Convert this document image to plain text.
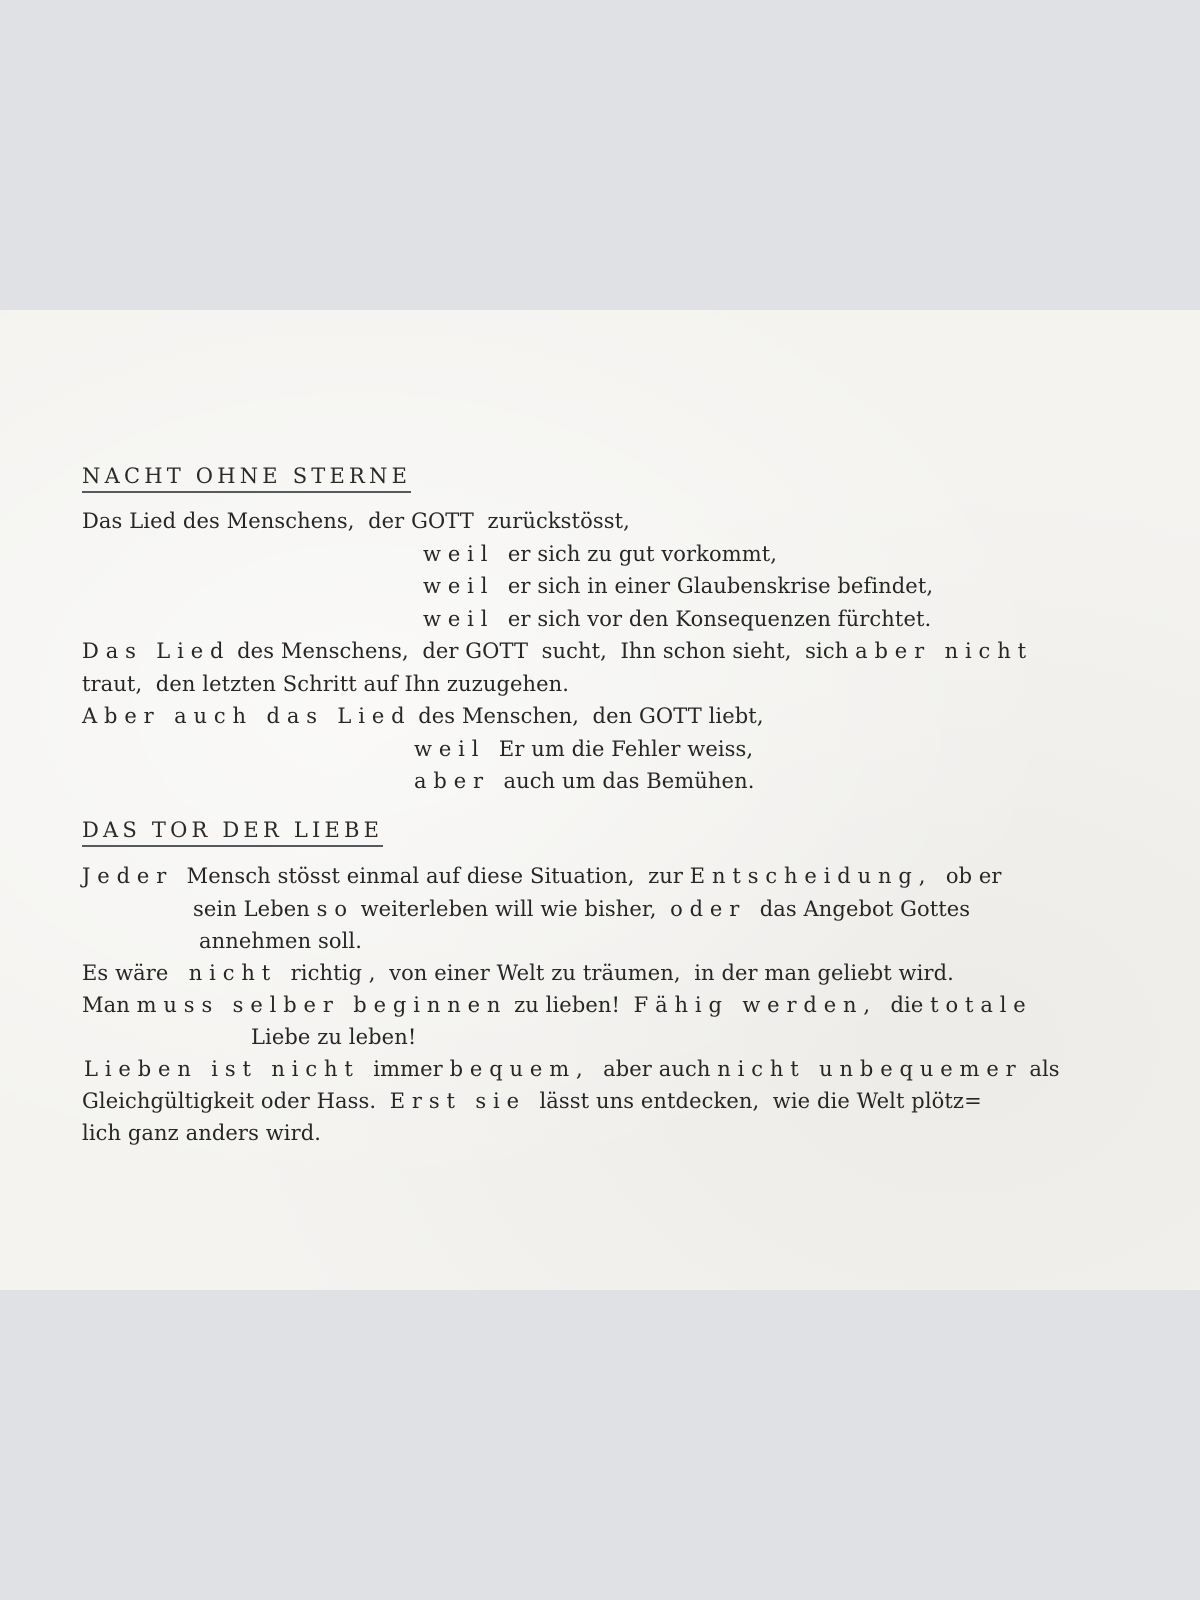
NACHT OHNE STERNE
Das Lied des Menschens,  der GOTT  zurückstösst,
w e i l   er sich zu gut vorkommt,
w e i l   er sich in einer Glaubenskrise befindet,
w e i l   er sich vor den Konsequenzen fürchtet.
D a s   L i e d  des Menschens,  der GOTT  sucht,  Ihn schon sieht,  sich a b e r   n i c h t
traut,  den letzten Schritt auf Ihn zuzugehen.
A b e r   a u c h   d a s   L i e d  des Menschen,  den GOTT liebt,
w e i l   Er um die Fehler weiss,
a b e r   auch um das Bemühen.
DAS TOR DER LIEBE
J e d e r   Mensch stösst einmal auf diese Situation,  zur E n t s c h e i d u n g ,   ob er
sein Leben s o  weiterleben will wie bisher,  o d e r   das Angebot Gottes
annehmen soll.
Es wäre   n i c h t   richtig ,  von einer Welt zu träumen,  in der man geliebt wird.
Man m u s s   s e l b e r   b e g i n n e n  zu lieben!  F ä h i g   w e r d e n ,   die t o t a l e
Liebe zu leben!
L i e b e n   i s t   n i c h t   immer b e q u e m ,   aber auch n i c h t   u n b e q u e m e r  als
Gleichgültigkeit oder Hass.  E r s t   s i e   lässt uns entdecken,  wie die Welt plötz=
lich ganz anders wird.
